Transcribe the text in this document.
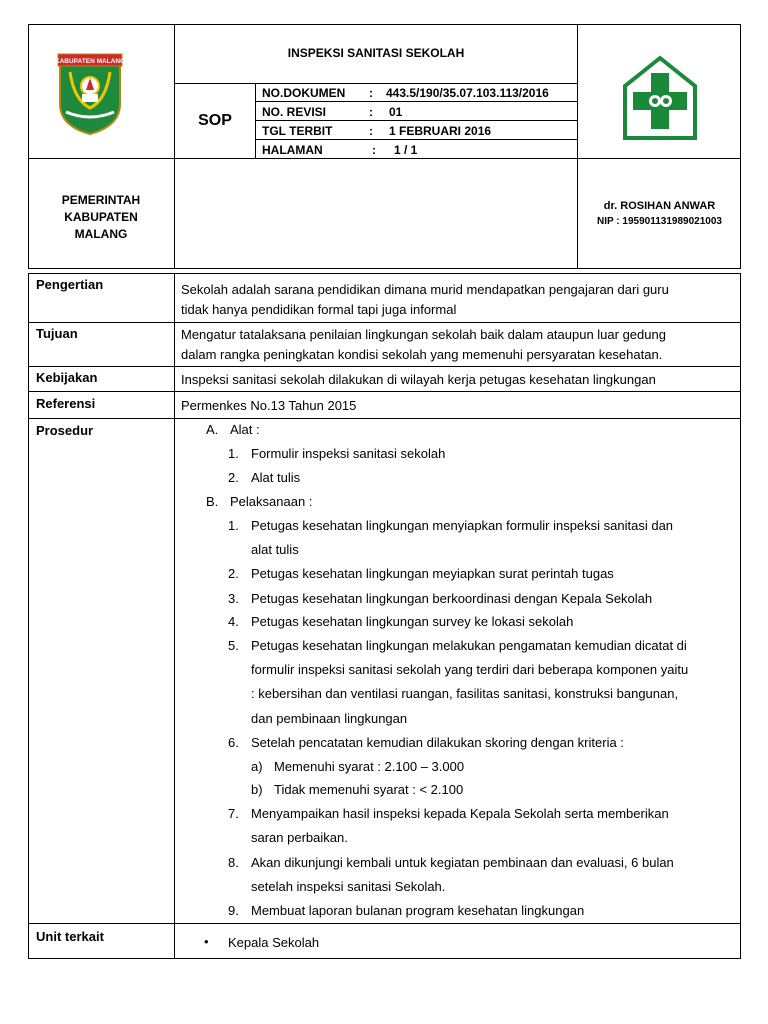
KABUPATEN MALANG
INSPEKSI SANITASI SEKOLAH
SOP
NO.DOKUMEN : 443.5/190/35.07.103.113/2016
NO. REVISI	: 01
TGL TERBIT	: 1 FEBRUARI 2016
HALAMAN	: 1 / 1
PEMERINTAH
KABUPATEN
MALANG
dr. ROSIHAN ANWAR
NIP : 195901131989021003
Pengertian	Sekolah adalah sarana pendidikan dimana murid mendapatkan pengajaran dari guru
tidak hanya pendidikan formal tapi juga informal
Tujuan	Mengatur tatalaksana penilaian lingkungan sekolah baik dalam ataupun luar gedung
dalam rangka peningkatan kondisi sekolah yang memenuhi persyaratan kesehatan.
Kebijakan	Inspeksi sanitasi sekolah dilakukan di wilayah kerja petugas kesehatan lingkungan
Referensi	Permenkes No.13 Tahun 2015
Prosedur	A. Alat :
1. Formulir inspeksi sanitasi sekolah
2. Alat tulis
B. Pelaksanaan :
1. Petugas kesehatan lingkungan menyiapkan formulir inspeksi sanitasi dan
alat tulis
2. Petugas kesehatan lingkungan meyiapkan surat perintah tugas
3. Petugas kesehatan lingkungan berkoordinasi dengan Kepala Sekolah
4. Petugas kesehatan lingkungan survey ke lokasi sekolah
5. Petugas kesehatan lingkungan melakukan pengamatan kemudian dicatat di
formulir inspeksi sanitasi sekolah yang terdiri dari beberapa komponen yaitu
: kebersihan dan ventilasi ruangan, fasilitas sanitasi, konstruksi bangunan,
dan pembinaan lingkungan
6. Setelah pencatatan kemudian dilakukan skoring dengan kriteria :
a) Memenuhi syarat : 2.100 – 3.000
b) Tidak memenuhi syarat : < 2.100
7. Menyampaikan hasil inspeksi kepada Kepala Sekolah serta memberikan
saran perbaikan.
8. Akan dikunjungi kembali untuk kegiatan pembinaan dan evaluasi, 6 bulan
setelah inspeksi sanitasi Sekolah.
9. Membuat laporan bulanan program kesehatan lingkungan
Unit terkait	• Kepala Sekolah
